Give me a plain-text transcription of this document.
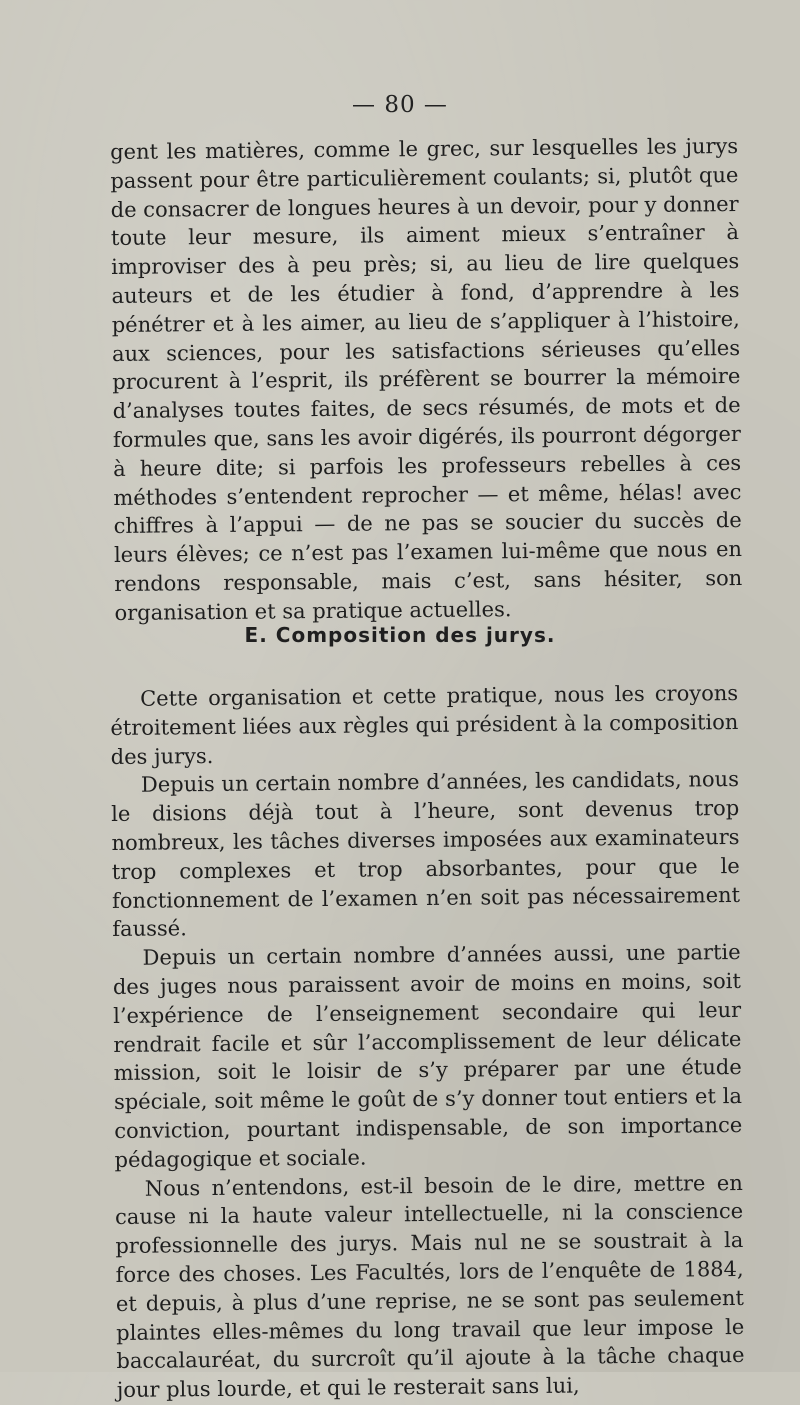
— 80 —

gent les matières, comme le grec, sur lesquelles les jurys passent pour être particulièrement coulants; si, plutôt que de consacrer de longues heures à un devoir, pour y donner toute leur mesure, ils aiment mieux s’entraîner à improviser des à peu près; si, au lieu de lire quelques auteurs et de les étudier à fond, d’apprendre à les pénétrer et à les aimer, au lieu de s’appliquer à l’histoire, aux sciences, pour les satisfactions sérieuses qu’elles procurent à l’esprit, ils préfèrent se bourrer la mémoire d’analyses toutes faites, de secs résumés, de mots et de formules que, sans les avoir digérés, ils pourront dégorger à heure dite; si parfois les professeurs rebelles à ces méthodes s’entendent reprocher — et même, hélas! avec chiffres à l’appui — de ne pas se soucier du succès de leurs élèves; ce n’est pas l’examen lui-même que nous en rendons responsable, mais c’est, sans hésiter, son organisation et sa pratique actuelles.

E. Composition des jurys.

Cette organisation et cette pratique, nous les croyons étroitement liées aux règles qui président à la composition des jurys.

Depuis un certain nombre d’années, les candidats, nous le disions déjà tout à l’heure, sont devenus trop nombreux, les tâches diverses imposées aux examinateurs trop complexes et trop absorbantes, pour que le fonctionnement de l’examen n’en soit pas nécessairement faussé.

Depuis un certain nombre d’années aussi, une partie des juges nous paraissent avoir de moins en moins, soit l’expérience de l’enseignement secondaire qui leur rendrait facile et sûr l’accomplissement de leur délicate mission, soit le loisir de s’y préparer par une étude spéciale, soit même le goût de s’y donner tout entiers et la conviction, pourtant indispensable, de son importance pédagogique et sociale.

Nous n’entendons, est-il besoin de le dire, mettre en cause ni la haute valeur intellectuelle, ni la conscience professionnelle des jurys. Mais nul ne se soustrait à la force des choses. Les Facultés, lors de l’enquête de 1884, et depuis, à plus d’une reprise, ne se sont pas seulement plaintes elles-mêmes du long travail que leur impose le baccalauréat, du surcroît qu’il ajoute à la tâche chaque jour plus lourde, et qui le resterait sans lui,
